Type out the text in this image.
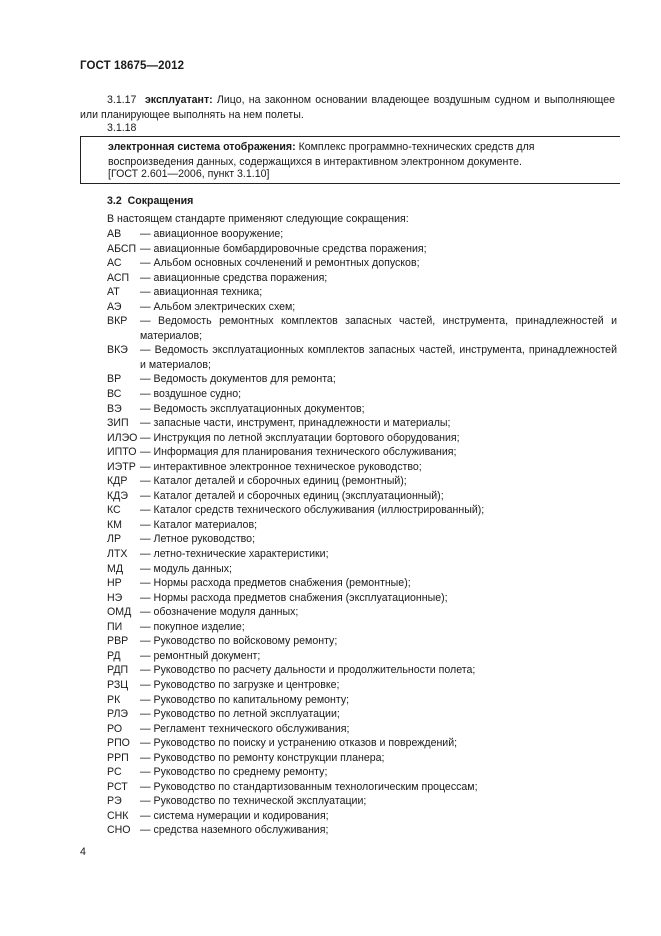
ГОСТ 18675—2012
3.1.17 эксплуатант: Лицо, на законном основании владеющее воздушным судном и выполняющее или планирующее выполнять на нем полеты.
3.1.18
электронная система отображения: Комплекс программно-технических средств для воспроизведения данных, содержащихся в интерактивном электронном документе.
[ГОСТ 2.601—2006, пункт 3.1.10]
3.2  Сокращения
В настоящем стандарте применяют следующие сокращения:
АВ	— авиационное вооружение;
АБСП — авиационные бомбардировочные средства поражения;
АС	— Альбом основных сочленений и ремонтных допусков;
АСП	— авиационные средства поражения;
АТ	— авиационная техника;
АЭ	— Альбом электрических схем;
ВКР	— Ведомость ремонтных комплектов запасных частей, инструмента, принадлежностей и материалов;
ВКЭ	— Ведомость эксплуатационных комплектов запасных частей, инструмента, принадлежностей и материалов;
ВР	— Ведомость документов для ремонта;
ВС	— воздушное судно;
ВЭ	— Ведомость эксплуатационных документов;
ЗИП	— запасные части, инструмент, принадлежности и материалы;
ИЛЭО — Инструкция по летной эксплуатации бортового оборудования;
ИПТО — Информация для планирования технического обслуживания;
ИЭТР — интерактивное электронное техническое руководство;
КДР	— Каталог деталей и сборочных единиц (ремонтный);
КДЭ	— Каталог деталей и сборочных единиц (эксплуатационный);
КС	— Каталог средств технического обслуживания (иллюстрированный);
КМ	— Каталог материалов;
ЛР	— Летное руководство;
ЛТХ	— летно-технические характеристики;
МД	— модуль данных;
НР	— Нормы расхода предметов снабжения (ремонтные);
НЭ	— Нормы расхода предметов снабжения (эксплуатационные);
ОМД — обозначение модуля данных;
ПИ	— покупное изделие;
РВР	— Руководство по войсковому ремонту;
РД	— ремонтный документ;
РДП	— Руководство по расчету дальности и продолжительности полета;
РЗЦ	— Руководство по загрузке и центровке;
РК	— Руководство по капитальному ремонту;
РЛЭ	— Руководство по летной эксплуатации;
РО	— Регламент технического обслуживания;
РПО — Руководство по поиску и устранению отказов и повреждений;
РРП	— Руководство по ремонту конструкции планера;
РС	— Руководство по среднему ремонту;
РСТ	— Руководство по стандартизованным технологическим процессам;
РЭ	— Руководство по технической эксплуатации;
СНК	— система нумерации и кодирования;
СНО — средства наземного обслуживания;
4
